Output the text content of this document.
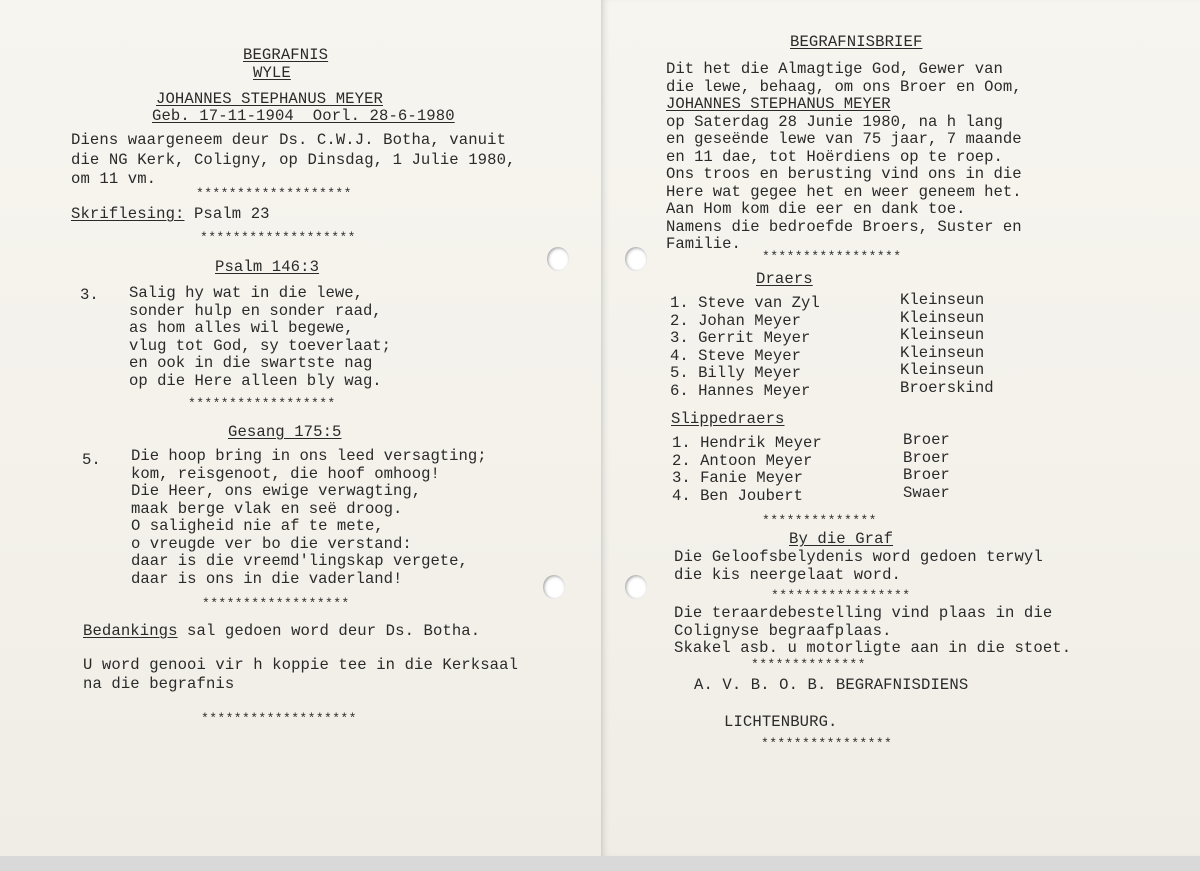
BEGRAFNIS
WYLE
JOHANNES STEPHANUS MEYER
Geb. 17-11-1904  Oorl. 28-6-1980
Diens waargeneem deur Ds. C.W.J. Botha, vanuit
die NG Kerk, Coligny, op Dinsdag, 1 Julie 1980,
om 11 vm.
*******************
Skriflesing: Psalm 23
*******************
Psalm 146:3
3. Salig hy wat in die lewe,
sonder hulp en sonder raad,
as hom alles wil begewe,
vlug tot God, sy toeverlaat;
en ook in die swartste nag
op die Here alleen bly wag.
******************
Gesang 175:5
5. Die hoop bring in ons leed versagting;
kom, reisgenoot, die hoof omhoog!
Die Heer, ons ewige verwagting,
maak berge vlak en seë droog.
O saligheid nie af te mete,
o vreugde ver bo die verstand:
daar is die vreemd'lingskap vergete,
daar is ons in die vaderland!
******************
Bedankings sal gedoen word deur Ds. Botha.
U word genooi vir h koppie tee in die Kerksaal
na die begrafnis
*******************
BEGRAFNISBRIEF
Dit het die Almagtige God, Gewer van
die lewe, behaag, om ons Broer en Oom,
JOHANNES STEPHANUS MEYER
op Saterdag 28 Junie 1980, na h lang
en geseënde lewe van 75 jaar, 7 maande
en 11 dae, tot Hoërdiens op te roep.
Ons troos en berusting vind ons in die
Here wat gegee het en weer geneem het.
Aan Hom kom die eer en dank toe.
Namens die bedroefde Broers, Suster en
Familie.
*****************
Draers
1. Steve van Zyl
2. Johan Meyer
3. Gerrit Meyer
4. Steve Meyer
5. Billy Meyer
6. Hannes Meyer
Kleinseun
Kleinseun
Kleinseun
Kleinseun
Kleinseun
Broerskind
Slippedraers
1. Hendrik Meyer
2. Antoon Meyer
3. Fanie Meyer
4. Ben Joubert
Broer
Broer
Broer
Swaer
**************
By die Graf
Die Geloofsbelydenis word gedoen terwyl
die kis neergelaat word.
*****************
Die teraardebestelling vind plaas in die
Colignyse begraafplaas.
Skakel asb. u motorligte aan in die stoet.
**************
A. V. B. O. B. BEGRAFNISDIENS
LICHTENBURG.
****************
